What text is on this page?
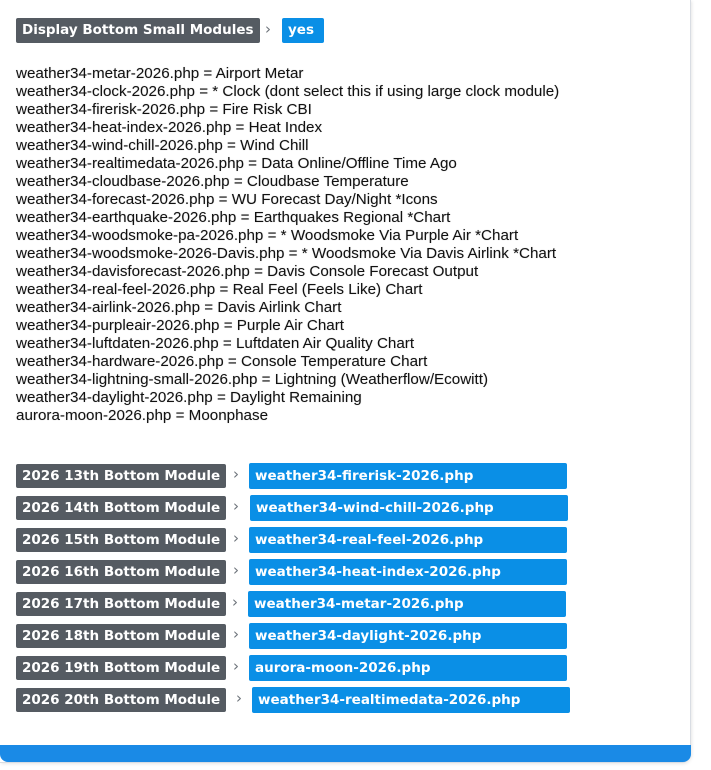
Display Bottom Small Modules ›	yes
weather34-metar-2026.php = Airport Metar
weather34-clock-2026.php = * Clock (dont select this if using large clock module)
weather34-firerisk-2026.php = Fire Risk CBI
weather34-heat-index-2026.php = Heat Index
weather34-wind-chill-2026.php = Wind Chill
weather34-realtimedata-2026.php = Data Online/Offline Time Ago
weather34-cloudbase-2026.php = Cloudbase Temperature
weather34-forecast-2026.php = WU Forecast Day/Night *Icons
weather34-earthquake-2026.php = Earthquakes Regional *Chart
weather34-woodsmoke-pa-2026.php = * Woodsmoke Via Purple Air *Chart
weather34-woodsmoke-2026-Davis.php = * Woodsmoke Via Davis Airlink *Chart
weather34-davisforecast-2026.php = Davis Console Forecast Output
weather34-real-feel-2026.php = Real Feel (Feels Like) Chart
weather34-airlink-2026.php = Davis Airlink Chart
weather34-purpleair-2026.php = Purple Air Chart
weather34-luftdaten-2026.php = Luftdaten Air Quality Chart
weather34-hardware-2026.php = Console Temperature Chart
weather34-lightning-small-2026.php = Lightning (Weatherflow/Ecowitt)
weather34-daylight-2026.php = Daylight Remaining
aurora-moon-2026.php = Moonphase
2026 13th Bottom Module ›	weather34-firerisk-2026.php
2026 14th Bottom Module ›	weather34-wind-chill-2026.php
2026 15th Bottom Module ›	weather34-real-feel-2026.php
2026 16th Bottom Module ›	weather34-heat-index-2026.php
2026 17th Bottom Module ›	weather34-metar-2026.php
2026 18th Bottom Module ›	weather34-daylight-2026.php
2026 19th Bottom Module ›	aurora-moon-2026.php
2026 20th Bottom Module	›	weather34-realtimedata-2026.php
